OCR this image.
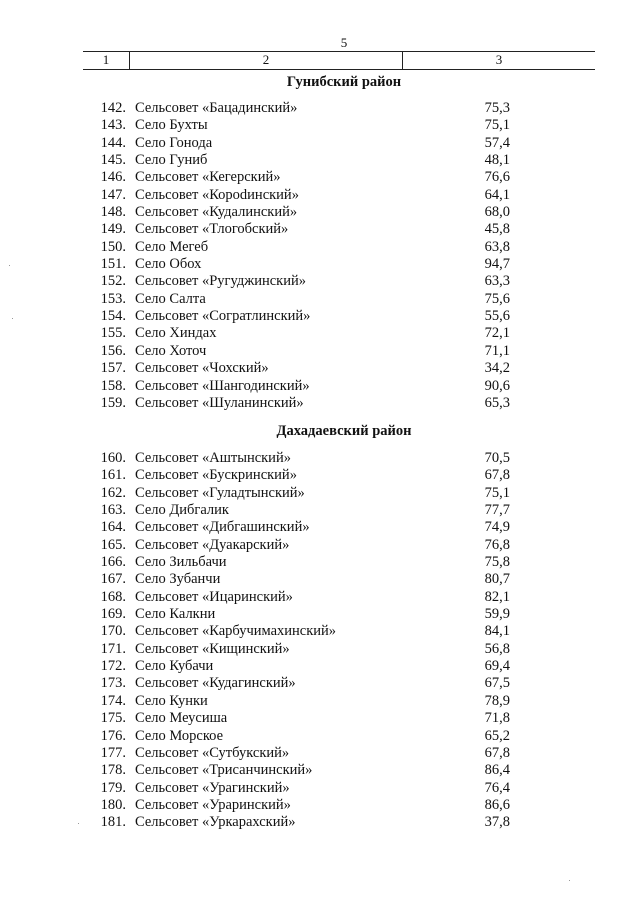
5
1	2	3
Гунибский район
142. Сельсовет «Бацадинский»	75,3
143. Село Бухты	75,1
144. Село Гонода	57,4
145. Село Гуниб	48,1
146. Сельсовет «Кегерский»	76,6
147. Сельсовет «Корodинский»	64,1
148. Сельсовет «Кудалинский»	68,0
149. Сельсовет «Тлогобский»	45,8
150. Село Мегеб	63,8
151. Село Обох	94,7
152. Сельсовет «Ругуджинский»	63,3
153. Село Салта	75,6
154. Сельсовет «Согратлинский»	55,6
155. Село Хиндах	72,1
156. Село Хоточ	71,1
157. Сельсовет «Чохский»	34,2
158. Сельсовет «Шангодинский»	90,6
159. Сельсовет «Шуланинский»	65,3
Дахадаевский район
160. Сельсовет «Аштынский»	70,5
161. Сельсовет «Бускринский»	67,8
162. Сельсовет «Гуладтынский»	75,1
163. Село Дибгалик	77,7
164. Сельсовет «Дибгашинский»	74,9
165. Сельсовет «Дуакарский»	76,8
166. Село Зильбачи	75,8
167. Село Зубанчи	80,7
168. Сельсовет «Ицаринский»	82,1
169. Село Калкни	59,9
170. Сельсовет «Карбучимахинский»	84,1
171. Сельсовет «Кищинский»	56,8
172. Село Кубачи	69,4
173. Сельсовет «Кудагинский»	67,5
174. Село Кунки	78,9
175. Село Меусиша	71,8
176. Село Морское	65,2
177. Сельсовет «Сутбукский»	67,8
178. Сельсовет «Трисанчинский»	86,4
179. Сельсовет «Урагинский»	76,4
180. Сельсовет «Ураринский»	86,6
181. Сельсовет «Уркарахский»	37,8
